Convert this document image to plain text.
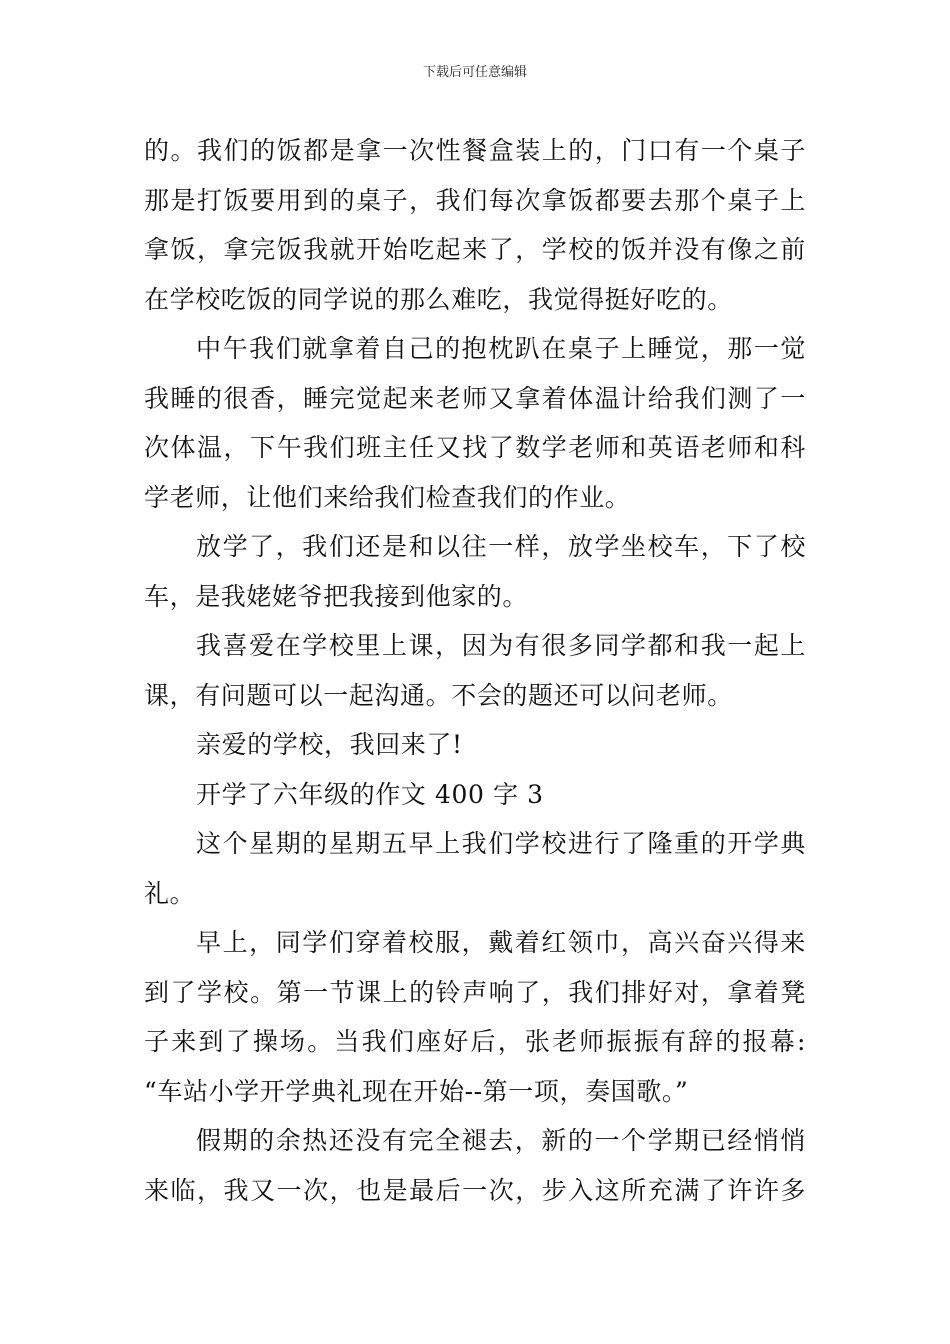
下载后可任意编辑
的。我们的饭都是拿一次性餐盒装上的，门口有一个桌子
那是打饭要用到的桌子，我们每次拿饭都要去那个桌子上
拿饭，拿完饭我就开始吃起来了，学校的饭并没有像之前
在学校吃饭的同学说的那么难吃，我觉得挺好吃的。
中午我们就拿着自己的抱枕趴在桌子上睡觉，那一觉
我睡的很香，睡完觉起来老师又拿着体温计给我们测了一
次体温，下午我们班主任又找了数学老师和英语老师和科
学老师，让他们来给我们检查我们的作业。
放学了，我们还是和以往一样，放学坐校车，下了校
车，是我姥姥爷把我接到他家的。
我喜爱在学校里上课，因为有很多同学都和我一起上
课，有问题可以一起沟通。不会的题还可以问老师。
亲爱的学校，我回来了!
开学了六年级的作文 400 字 3
这个星期的星期五早上我们学校进行了隆重的开学典
礼。
早上，同学们穿着校服，戴着红领巾，高兴奋兴得来
到了学校。第一节课上的铃声响了，我们排好对，拿着凳
子来到了操场。当我们座好后，张老师振振有辞的报幕:
“车站小学开学典礼现在开始--第一项，奏国歌。”
假期的余热还没有完全褪去，新的一个学期已经悄悄
来临，我又一次，也是最后一次，步入这所充满了许许多
